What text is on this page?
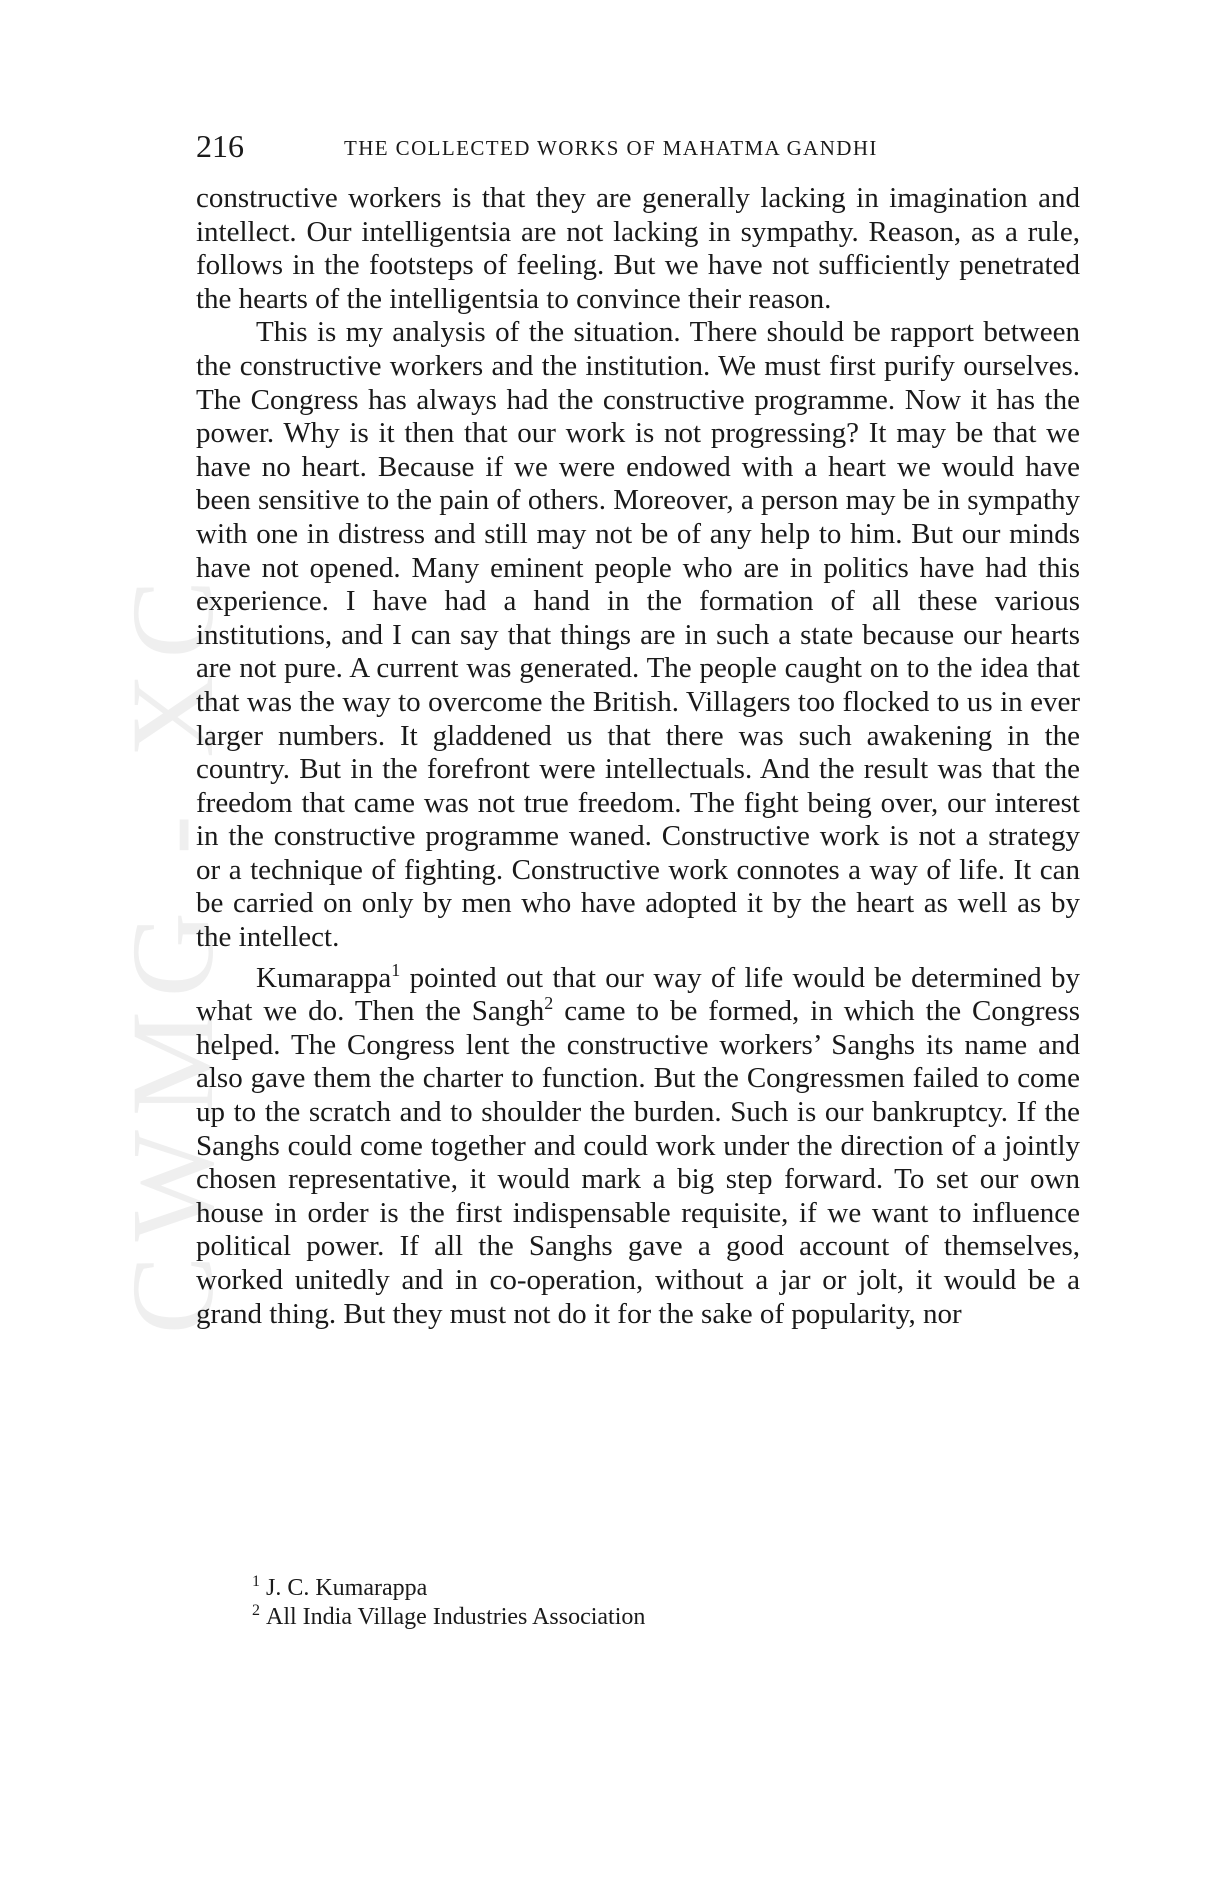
CWMG - XC
216	THE COLLECTED WORKS OF MAHATMA GANDHI

constructive workers is that they are generally lacking in imagination and intellect. Our intelligentsia are not lacking in sympathy. Reason, as a rule, follows in the footsteps of feeling. But we have not sufficiently penetrated the hearts of the intelligentsia to convince their reason.

This is my analysis of the situation. There should be rapport between the constructive workers and the institution. We must first purify ourselves. The Congress has always had the constructive programme. Now it has the power. Why is it then that our work is not progressing? It may be that we have no heart. Because if we were endowed with a heart we would have been sensitive to the pain of others. Moreover, a person may be in sympathy with one in distress and still may not be of any help to him. But our minds have not opened. Many eminent people who are in politics have had this experience. I have had a hand in the formation of all these various institutions, and I can say that things are in such a state because our hearts are not pure. A current was generated. The people caught on to the idea that that was the way to overcome the British. Villagers too flocked to us in ever larger numbers. It gladdened us that there was such awakening in the country. But in the forefront were intellectuals. And the result was that the freedom that came was not true freedom. The fight being over, our interest in the constructive programme waned. Constructive work is not a strategy or a technique of fighting. Constructive work connotes a way of life. It can be carried on only by men who have adopted it by the heart as well as by the intellect.

Kumarappa$^1$ pointed out that our way of life would be determined by what we do. Then the Sangh$^2$ came to be formed, in which the Congress helped. The Congress lent the constructive workers’ Sanghs its name and also gave them the charter to function. But the Congressmen failed to come up to the scratch and to shoulder the burden. Such is our bankruptcy. If the Sanghs could come together and could work under the direction of a jointly chosen representative, it would mark a big step forward. To set our own house in order is the first indispensable requisite, if we want to influence political power. If all the Sanghs gave a good account of themselves, worked unitedly and in co-operation, without a jar or jolt, it would be a grand thing. But they must not do it for the sake of popularity, nor

$^1$ J. C. Kumarappa

$^2$ All India Village Industries Association
